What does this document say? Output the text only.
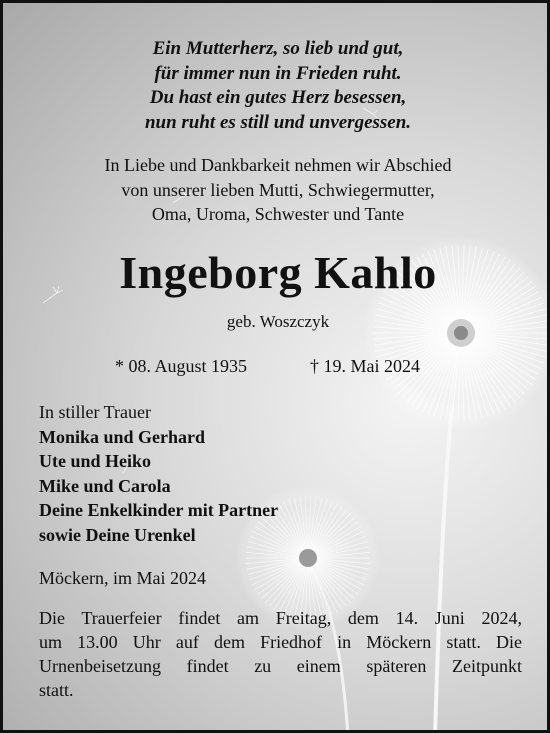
Ein Mutterherz, so lieb und gut,
für immer nun in Frieden ruht.
Du hast ein gutes Herz besessen,
nun ruht es still und unvergessen.
In Liebe und Dankbarkeit nehmen wir Abschied
von unserer lieben Mutti, Schwiegermutter,
Oma, Uroma, Schwester und Tante
Ingeborg Kahlo
geb. Woszczyk
* 08. August 1935	† 19. Mai 2024
In stiller Trauer
Monika und Gerhard
Ute und Heiko
Mike und Carola
Deine Enkelkinder mit Partner
sowie Deine Urenkel
Möckern, im Mai 2024
Die Trauerfeier findet am Freitag, dem 14. Juni 2024,
um 13.00 Uhr auf dem Friedhof in Möckern statt. Die
Urnenbeisetzung findet zu einem späteren Zeitpunkt
statt.
